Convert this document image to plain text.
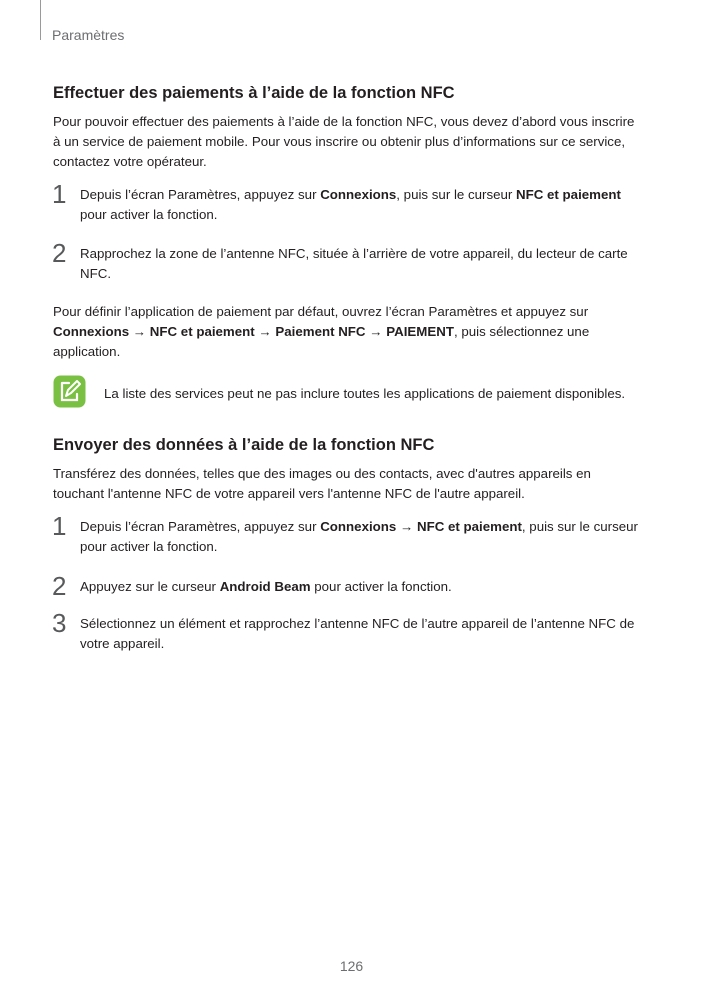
Paramètres
Effectuer des paiements à l’aide de la fonction NFC

Pour pouvoir effectuer des paiements à l’aide de la fonction NFC, vous devez d’abord vous inscrire à un service de paiement mobile. Pour vous inscrire ou obtenir plus d’informations sur ce service, contactez votre opérateur.

1 Depuis l’écran Paramètres, appuyez sur Connexions, puis sur le curseur NFC et paiement pour activer la fonction.
2 Rapprochez la zone de l’antenne NFC, située à l’arrière de votre appareil, du lecteur de carte NFC.

Pour définir l’application de paiement par défaut, ouvrez l’écran Paramètres et appuyez sur Connexions → NFC et paiement → Paiement NFC → PAIEMENT, puis sélectionnez une application.

La liste des services peut ne pas inclure toutes les applications de paiement disponibles.
Envoyer des données à l’aide de la fonction NFC

Transférez des données, telles que des images ou des contacts, avec d'autres appareils en touchant l'antenne NFC de votre appareil vers l'antenne NFC de l'autre appareil.

1 Depuis l’écran Paramètres, appuyez sur Connexions → NFC et paiement, puis sur le curseur pour activer la fonction.
2 Appuyez sur le curseur Android Beam pour activer la fonction.
3 Sélectionnez un élément et rapprochez l’antenne NFC de l’autre appareil de l’antenne NFC de votre appareil.
126
